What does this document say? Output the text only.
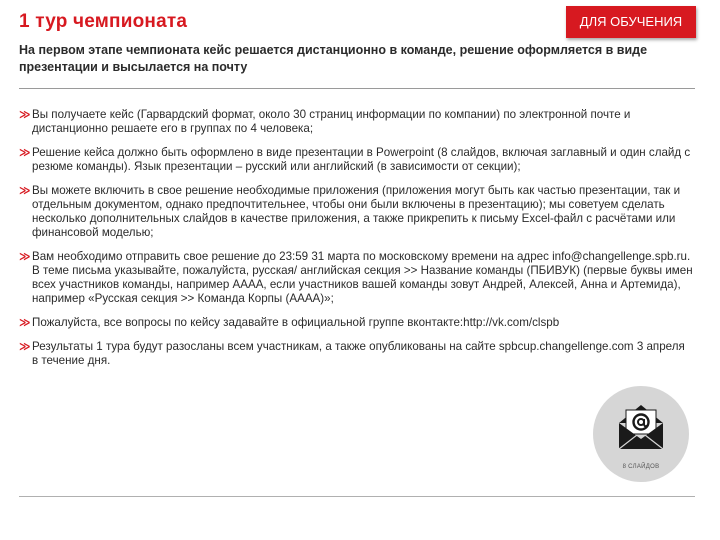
1 тур чемпионата	ДЛЯ ОБУЧЕНИЯ
На первом этапе чемпионата кейс решается дистанционно в команде, решение оформляется в виде презентации и высылается на почту
≫ Вы получаете кейс (Гарвардский формат, около 30 страниц информации по компании) по электронной почте и дистанционно решаете его в группах по 4 человека;
≫ Решение кейса должно быть оформлено в виде презентации в Powerpoint (8 слайдов, включая заглавный и один слайд с резюме команды). Язык презентации – русский или английский (в зависимости от секции);
≫ Вы можете включить в свое решение необходимые приложения (приложения могут быть как частью презентации, так и отдельным документом, однако предпочтительнее, чтобы они были включены в презентацию); мы советуем сделать несколько дополнительных слайдов в качестве приложения, а также прикрепить к письму Excel-файл с расчётами или финансовой моделью;
≫ Вам необходимо отправить свое решение до 23:59 31 марта по московскому времени на адрес info@changellenge.spb.ru. В теме письма указывайте, пожалуйста, русская/ английская секция >> Название команды (ПБИВУК) (первые буквы имен всех участников команды, например АААА, если участников вашей команды зовут Андрей, Алексей, Анна и Артемида), например «Русская секция >> Команда Корпы (АААА)»;
≫ Пожалуйста, все вопросы по кейсу задавайте в официальной группе вконтакте:http://vk.com/clspb
≫ Результаты 1 тура будут разосланы всем участникам, а также опубликованы на сайте spbcup.changellenge.com 3 апреля в течение дня.
8 СЛАЙДОВ
